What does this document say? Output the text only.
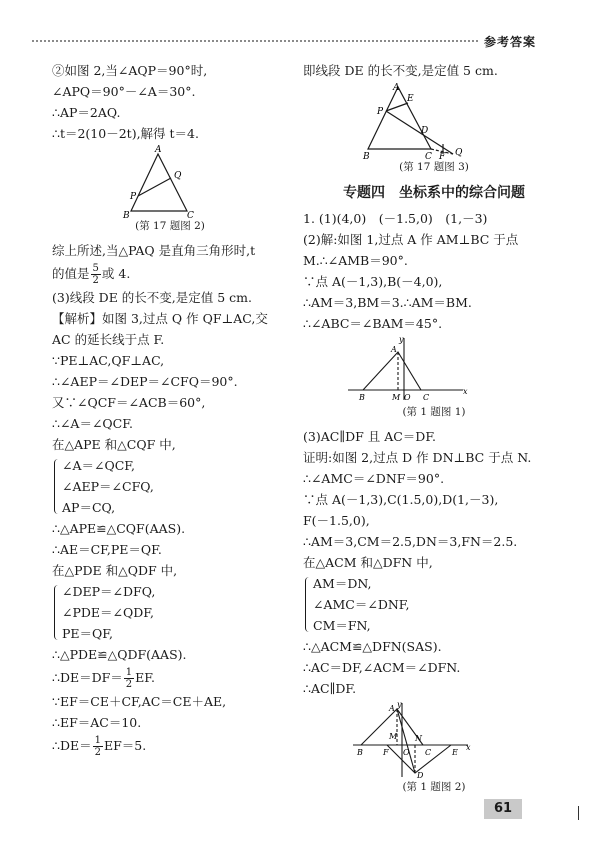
参考答案
②如图 2,当∠AQP＝90°时,
∠APQ＝90°－∠A＝30°.
∴AP＝2AQ.
∴t＝2(10－2t),解得 t＝4.
A
Q
P
B	C
(第 17 题图 2)
综上所述,当△PAQ 是直角三角形时,t
的值是 $\frac{5}{2}$ 或 4.
(3)线段 DE 的长不变,是定值 5 cm.
【解析】如图 3,过点 Q 作 QF⊥AC,交
AC 的延长线于点 F.
∵PE⊥AC,QF⊥AC,
∴∠AEP＝∠DEP＝∠CFQ＝90°.
又∵∠QCF＝∠ACB＝60°,
∴∠A＝∠QCF.
在△APE 和△CQF 中,
∠A＝∠QCF,
∠AEP＝∠CFQ,
AP＝CQ,
∴△APE≌△CQF(AAS).
∴AE＝CF,PE＝QF.
在△PDE 和△QDF 中,
∠DEP＝∠DFQ,
∠PDE＝∠QDF,
PE＝QF,
∴△PDE≌△QDF(AAS).
∴DE＝DF＝ $\frac{1}{2}$ EF.
∵EF＝CE＋CF,AC＝CE＋AE,
∴EF＝AC＝10.
∴DE＝ $\frac{1}{2} EF=5$.
即线段 DE 的长不变,是定值 5 cm.
A
E
P
D
B	C F Q
(第 17 题图 3)
专题四　坐标系中的综合问题
1. (1)(4,0)　(－1.5,0)　(1,－3)
(2)解:如图 1,过点 A 作 AM⊥BC 于点
M.∴∠AMB＝90°.
∵点 A(－1,3),B(－4,0),
∴AM＝3,BM＝3.∴AM＝BM.
∴∠ABC＝∠BAM＝45°.
y
A
B	M O C
x
(第 1 题图 1)
(3)AC∥DF 且 AC＝DF.
证明:如图 2,过点 D 作 DN⊥BC 于点 N.
∴∠AMC＝∠DNF＝90°.
∵点 A(－1,3),C(1.5,0),D(1,－3),
F(－1.5,0),
∴AM＝3,CM＝2.5,DN＝3,FN＝2.5.
在△ACM 和△DFN 中,
AM＝DN,
∠AMC＝∠DNF,
CM＝FN,
∴△ACM≌△DFN(SAS).
∴AC＝DF,∠ACM＝∠DFN.
∴AC∥DF.
y
A
B
M
F O
N
C	E
x
D
(第 1 题图 2)
61
